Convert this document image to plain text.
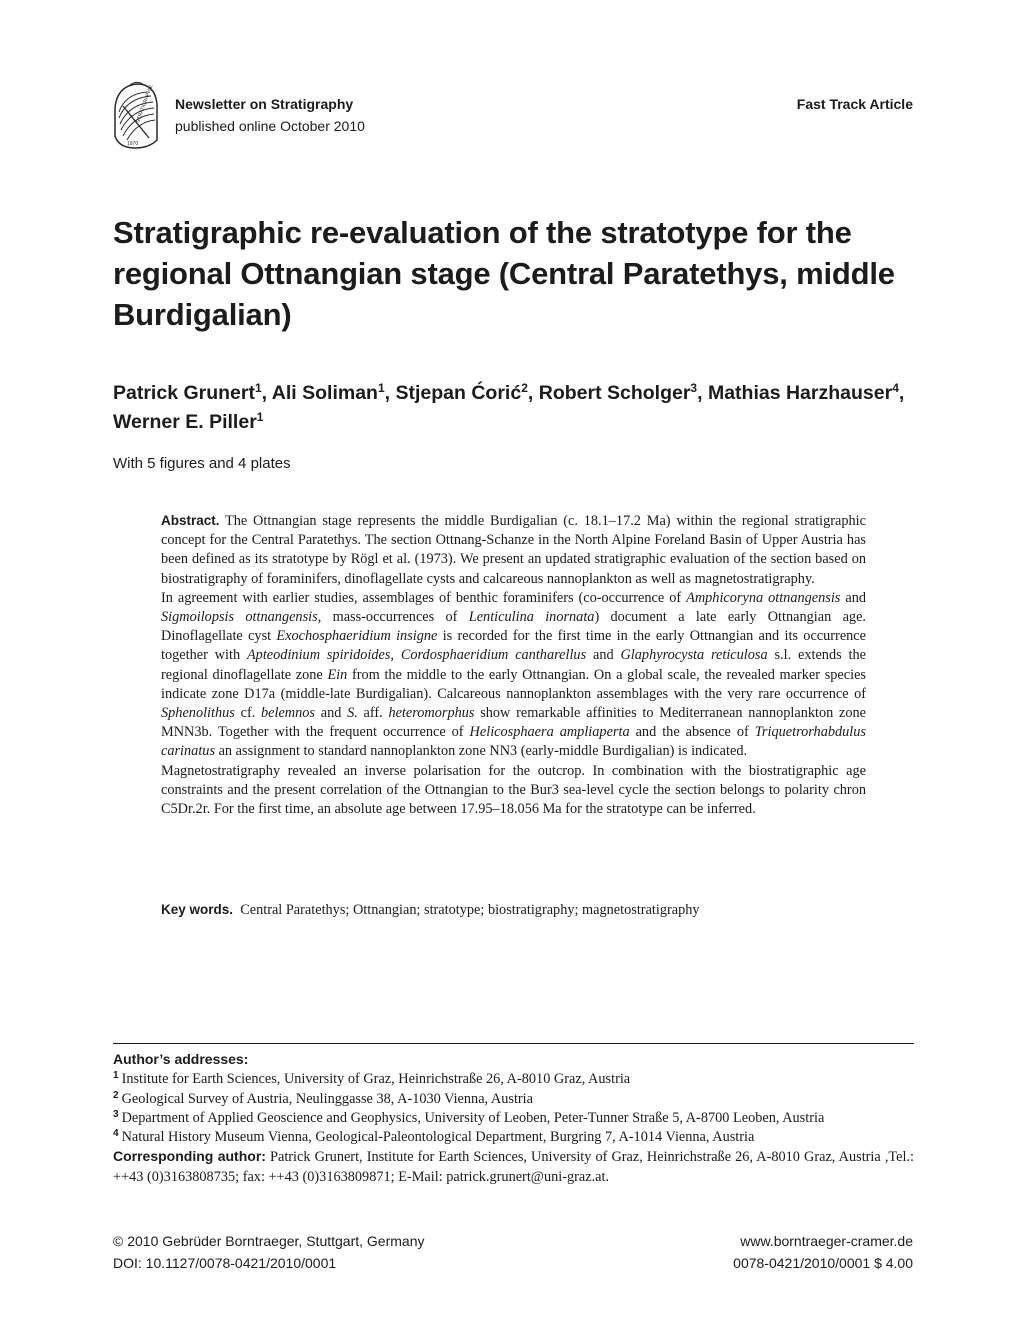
STRATIGRAPHIE
1970
Newsletter on Stratigraphy
published online October 2010
Fast Track Article
Stratigraphic re-evaluation of the stratotype for the regional Ottnangian stage (Central Paratethys, middle Burdigalian)
Patrick Grunert$^1$, Ali Soliman$^1$, Stjepan Ćorić$^2$, Robert Scholger$^3$, Mathias Harzhauser$^4$, Werner E. Piller$^1$
With 5 figures and 4 plates

Abstract. The Ottnangian stage represents the middle Burdigalian (c. 18.1–17.2 Ma) within the regional stratigraphic concept for the Central Paratethys. The section Ottnang-Schanze in the North Alpine Foreland Basin of Upper Austria has been defined as its stratotype by Rögl et al. (1973). We present an updated stratigraphic evaluation of the section based on biostratigraphy of foraminifers, dinoflagellate cysts and calcareous nannoplankton as well as magnetostratigraphy.

In agreement with earlier studies, assemblages of benthic foraminifers (co-occurrence of Amphicoryna ottnangensis and Sigmoilopsis ottnangensis, mass-occurrences of Lenticulina inornata) document a late early Ottnangian age. Dinoflagellate cyst Exochosphaeridium insigne is recorded for the first time in the early Ottnangian and its occurrence together with Apteodinium spiridoides, Cordosphaeridium cantharellus and Glaphyrocysta reticulosa s.l. extends the regional dinoflagellate zone Ein from the middle to the early Ottnangian. On a global scale, the revealed marker species indicate zone D17a (middle-late Burdigalian). Calcareous nannoplankton assemblages with the very rare occurrence of Sphenolithus cf. belemnos and S. aff. heteromorphus show remarkable affinities to Mediterranean nannoplankton zone MNN3b. Together with the frequent occurrence of Helicosphaera ampliaperta and the absence of Triquetrorhabdulus carinatus an assignment to standard nannoplankton zone NN3 (early-middle Burdigalian) is indicated.

Magnetostratigraphy revealed an inverse polarisation for the outcrop. In combination with the biostratigraphic age constraints and the present correlation of the Ottnangian to the Bur3 sea-level cycle the section belongs to polarity chron C5Dr.2r. For the first time, an absolute age between 17.95–18.056 Ma for the stratotype can be inferred.

Key words. Central Paratethys; Ottnangian; stratotype; biostratigraphy; magnetostratigraphy

Author’s addresses:

$^1$ Institute for Earth Sciences, University of Graz, Heinrichstraße 26, A-8010 Graz, Austria

$^2$ Geological Survey of Austria, Neulinggasse 38, A-1030 Vienna, Austria

$^3$ Department of Applied Geoscience and Geophysics, University of Leoben, Peter-Tunner Straße 5, A-8700 Leoben, Austria

$^4$ Natural History Museum Vienna, Geological-Paleontological Department, Burgring 7, A-1014 Vienna, Austria

Corresponding author: Patrick Grunert, Institute for Earth Sciences, University of Graz, Heinrichstraße 26, A-8010 Graz, Austria ,Tel.: ++43 (0)3163808735; fax: ++43 (0)3163809871; E-Mail: patrick.grunert@uni-graz.at.

© 2010 Gebrüder Borntraeger, Stuttgart, Germany
DOI: 10.1127/0078-0421/2010/0001
www.borntraeger-cramer.de
0078-0421/2010/0001 $ 4.00
